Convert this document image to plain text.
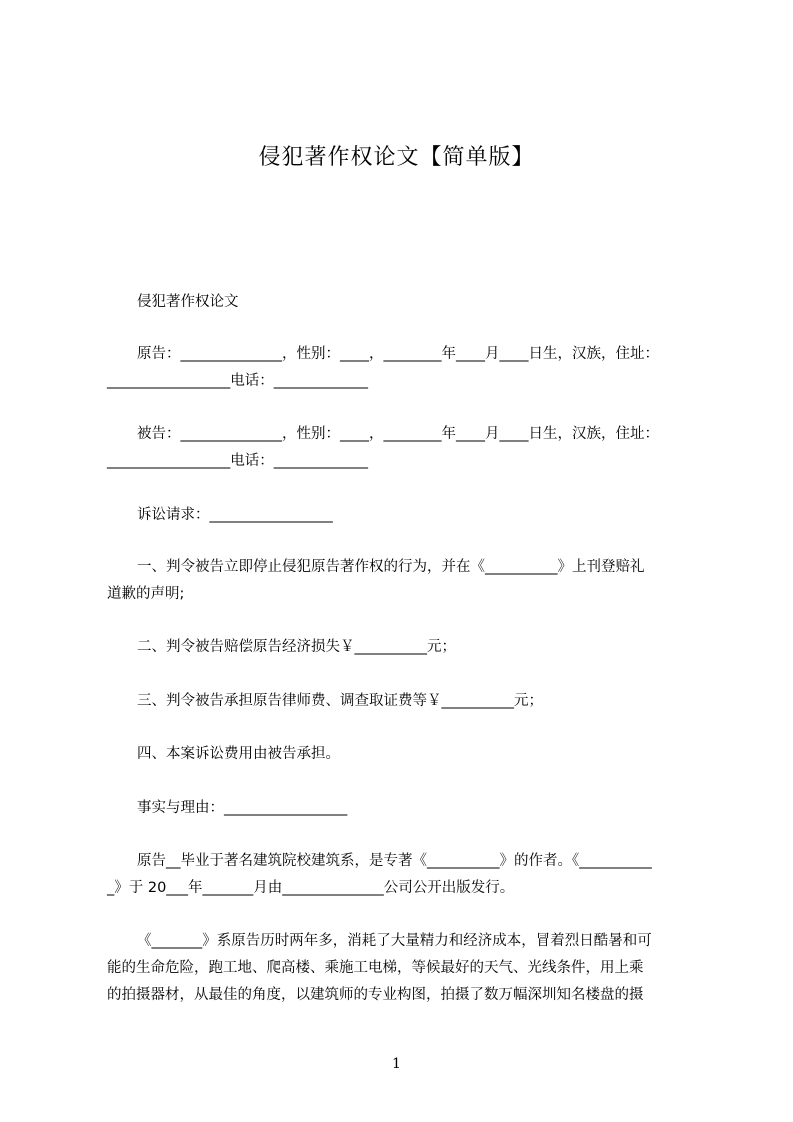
侵犯著作权论文【简单版】
侵犯著作权论文
原告：______________，性别：____，________年____月____日生，汉族，住址：
_________________电话：_____________
被告：______________，性别：____，________年____月____日生，汉族，住址：
_________________电话：_____________
诉讼请求：_________________
一、判令被告立即停止侵犯原告著作权的行为，并在《__________》上刊登赔礼
道歉的声明;
二、判令被告赔偿原告经济损失￥__________元；
三、判令被告承担原告律师费、调查取证费等￥__________元；
四、本案诉讼费用由被告承担。
事实与理由：_________________
原告__毕业于著名建筑院校建筑系，是专著《__________》的作者。《__________
_》于 20___年_______月由______________公司公开出版发行。
《_______》系原告历时两年多，消耗了大量精力和经济成本，冒着烈日酷暑和可
能的生命危险，跑工地、爬高楼、乘施工电梯，等候最好的天气、光线条件，用上乘
的拍摄器材，从最佳的角度，以建筑师的专业构图，拍摄了数万幅深圳知名楼盘的摄
1
